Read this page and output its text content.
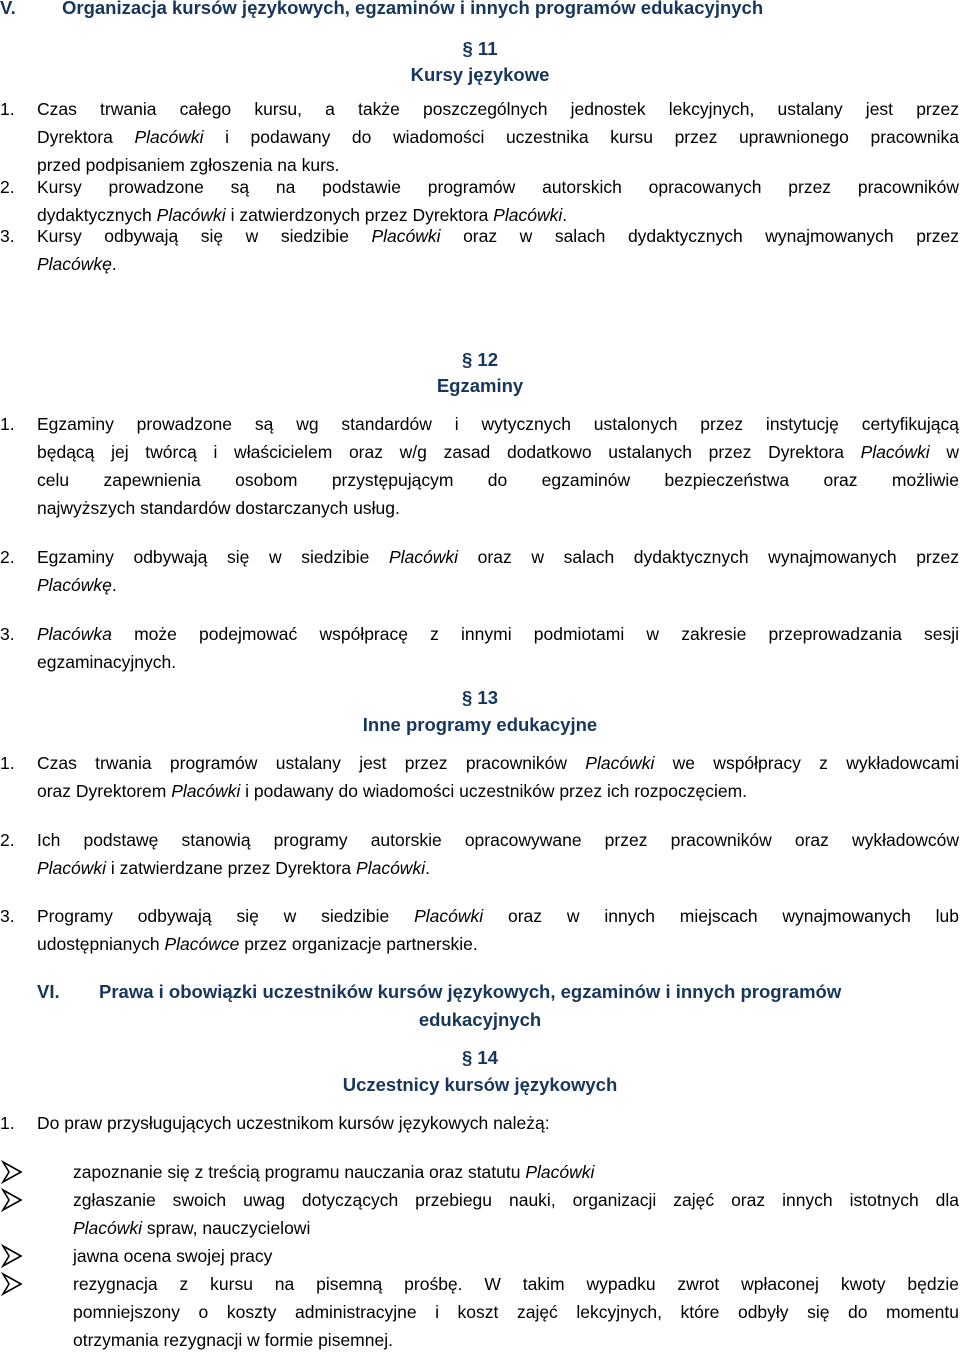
V. Organizacja kursów językowych, egzaminów i innych programów edukacyjnych
§ 11
Kursy językowe
1. Czas trwania całego kursu, a także poszczególnych jednostek lekcyjnych, ustalany jest przez
Dyrektora Placówki i podawany do wiadomości uczestnika kursu przez uprawnionego pracownika
przed podpisaniem zgłoszenia na kurs.
2. Kursy prowadzone są na podstawie programów autorskich opracowanych przez pracowników
dydaktycznych Placówki i zatwierdzonych przez Dyrektora Placówki.
3. Kursy odbywają się w siedzibie Placówki oraz w salach dydaktycznych wynajmowanych przez
Placówkę.
§ 12
Egzaminy
1. Egzaminy prowadzone są wg standardów i wytycznych ustalonych przez instytucję certyfikującą
będącą jej twórcą i właścicielem oraz w/g zasad dodatkowo ustalanych przez Dyrektora Placówki w
celu zapewnienia osobom przystępującym do egzaminów bezpieczeństwa oraz możliwie
najwyższych standardów dostarczanych usług.
2. Egzaminy odbywają się w siedzibie Placówki oraz w salach dydaktycznych wynajmowanych przez
Placówkę.
3. Placówka może podejmować współpracę z innymi podmiotami w zakresie przeprowadzania sesji
egzaminacyjnych.
§ 13
Inne programy edukacyjne
1. Czas trwania programów ustalany jest przez pracowników Placówki we współpracy z wykładowcami
oraz Dyrektorem Placówki i podawany do wiadomości uczestników przez ich rozpoczęciem.
2. Ich podstawę stanowią programy autorskie opracowywane przez pracowników oraz wykładowców
Placówki i zatwierdzane przez Dyrektora Placówki.
3. Programy odbywają się w siedzibie Placówki oraz w innych miejscach wynajmowanych lub
udostępnianych Placówce przez organizacje partnerskie.
VI. Prawa i obowiązki uczestników kursów językowych, egzaminów i innych programów
edukacyjnych
§ 14
Uczestnicy kursów językowych
1. Do praw przysługujących uczestnikom kursów językowych należą:
zapoznanie się z treścią programu nauczania oraz statutu Placówki
zgłaszanie swoich uwag dotyczących przebiegu nauki, organizacji zajęć oraz innych istotnych dla
Placówki spraw, nauczycielowi
jawna ocena swojej pracy
rezygnacja z kursu na pisemną prośbę. W takim wypadku zwrot wpłaconej kwoty będzie
pomniejszony o koszty administracyjne i koszt zajęć lekcyjnych, które odbyły się do momentu
otrzymania rezygnacji w formie pisemnej.
